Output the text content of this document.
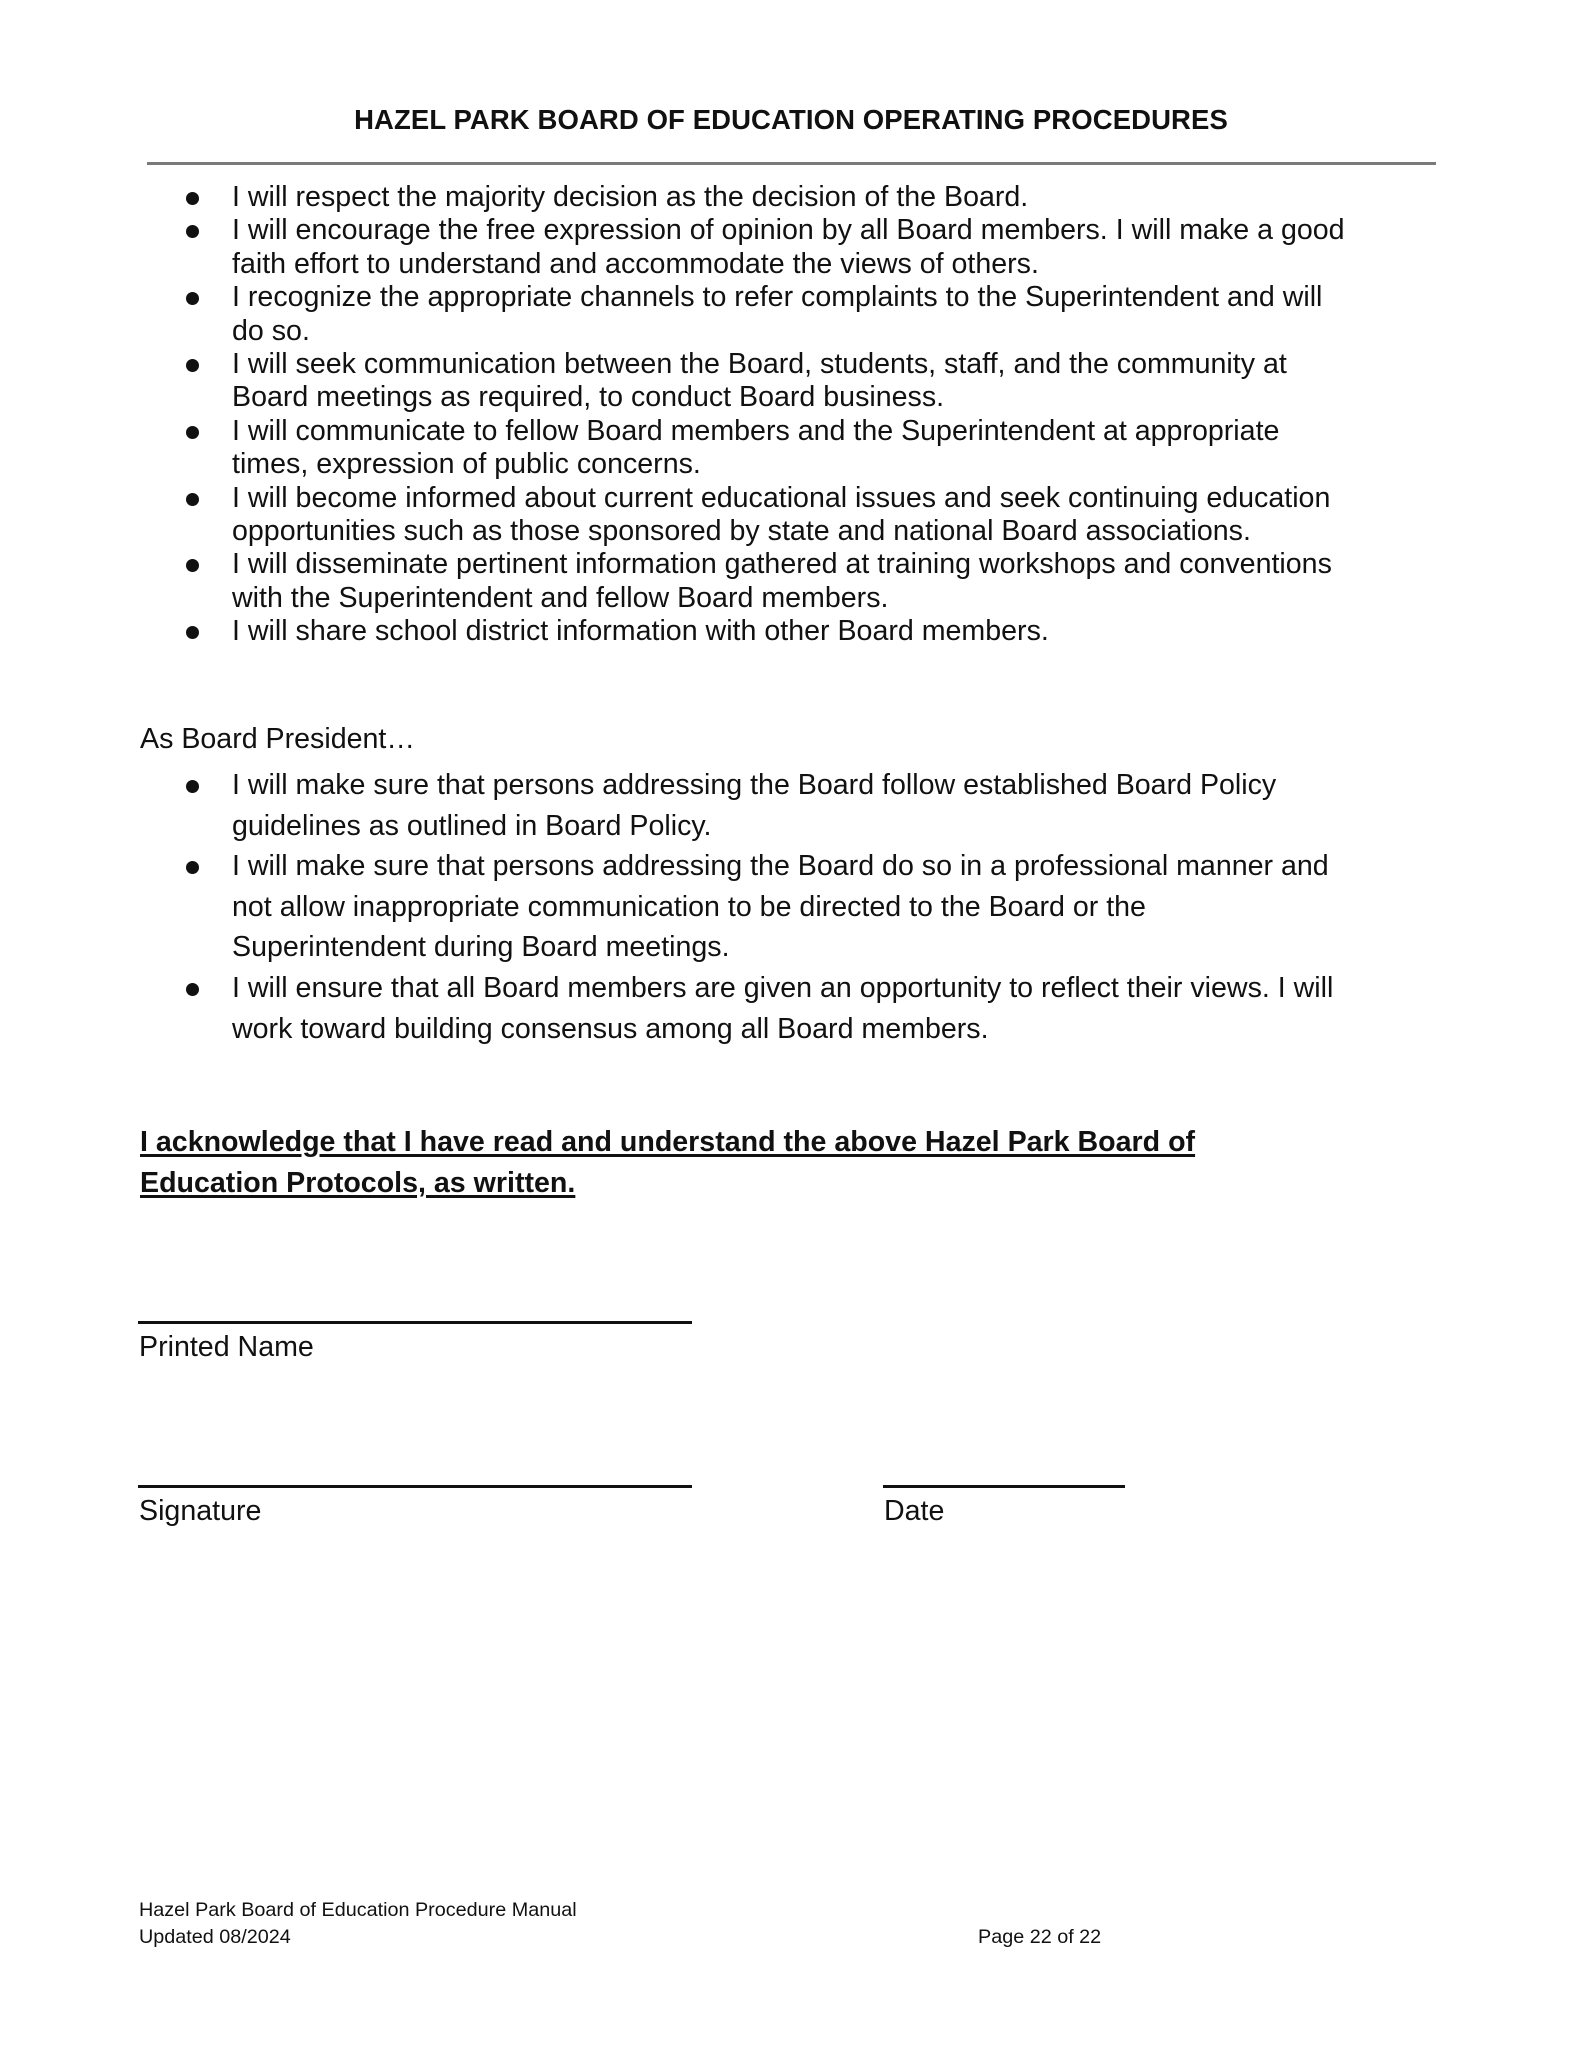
HAZEL PARK BOARD OF EDUCATION OPERATING PROCEDURES
I will respect the majority decision as the decision of the Board.
I will encourage the free expression of opinion by all Board members. I will make a good
faith effort to understand and accommodate the views of others.
I recognize the appropriate channels to refer complaints to the Superintendent and will
do so.
I will seek communication between the Board, students, staff, and the community at
Board meetings as required, to conduct Board business.
I will communicate to fellow Board members and the Superintendent at appropriate
times, expression of public concerns.
I will become informed about current educational issues and seek continuing education
opportunities such as those sponsored by state and national Board associations.
I will disseminate pertinent information gathered at training workshops and conventions
with the Superintendent and fellow Board members.
I will share school district information with other Board members.
As Board President…
I will make sure that persons addressing the Board follow established Board Policy
guidelines as outlined in Board Policy.
I will make sure that persons addressing the Board do so in a professional manner and
not allow inappropriate communication to be directed to the Board or the
Superintendent during Board meetings.
I will ensure that all Board members are given an opportunity to reflect their views. I will
work toward building consensus among all Board members.
I acknowledge that I have read and understand the above Hazel Park Board of
Education Protocols, as written.
Printed Name
Signature	Date
Hazel Park Board of Education Procedure Manual
Updated 08/2024	Page 22 of 22
